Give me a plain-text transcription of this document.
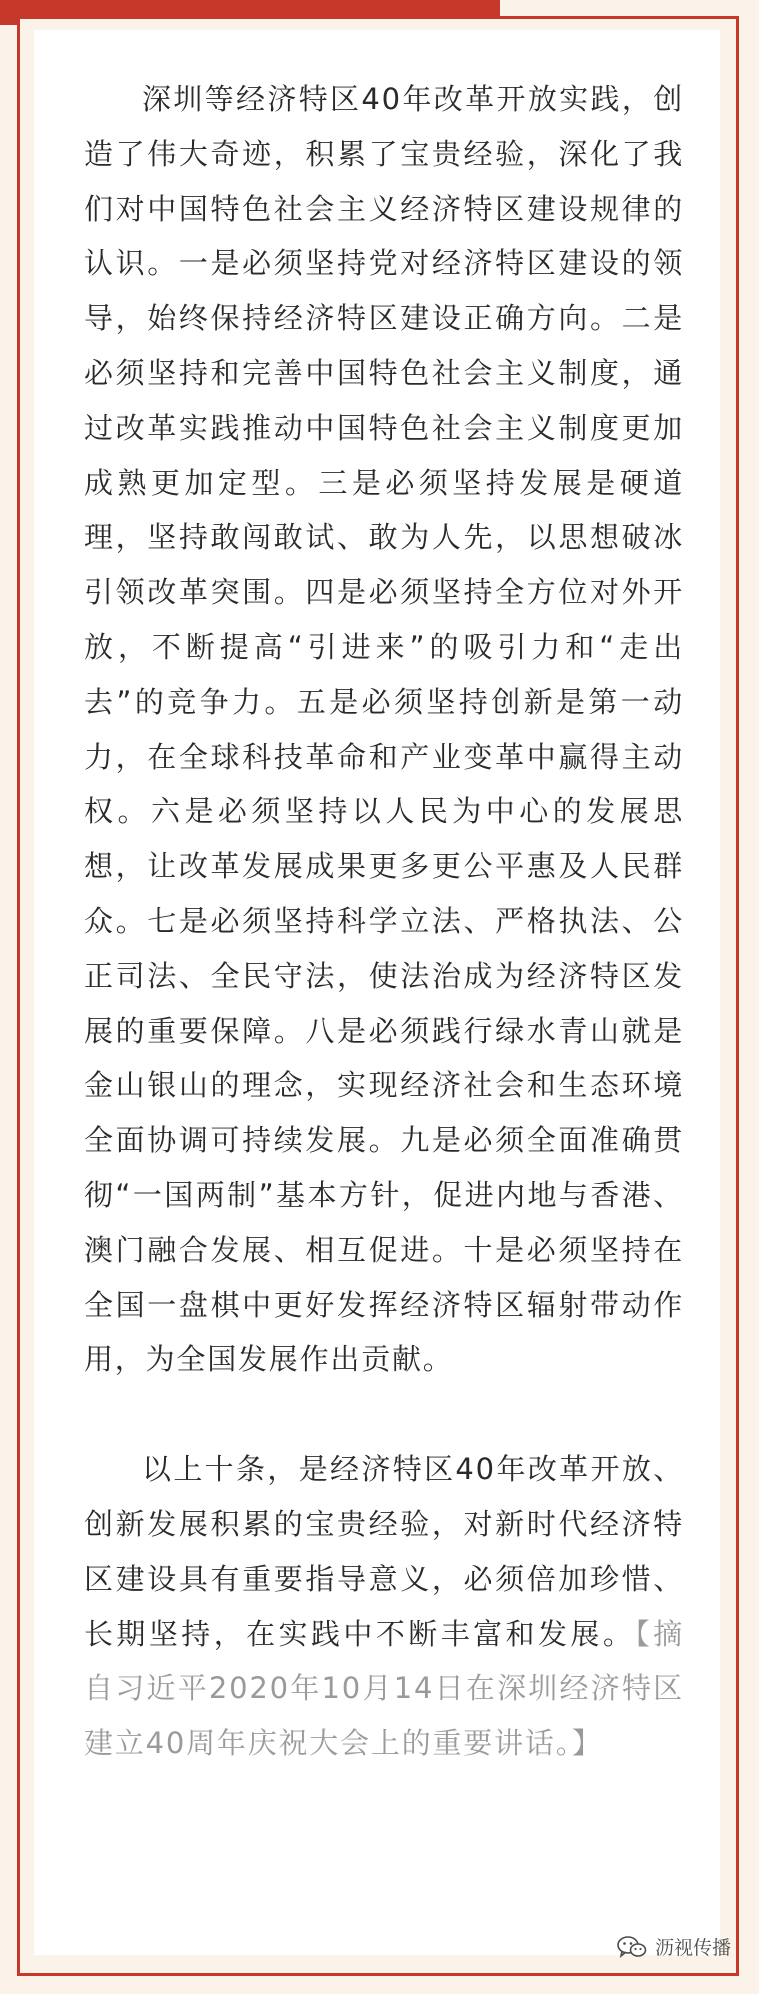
深圳等经济特区40年改革开放实践，创造了伟大奇迹，积累了宝贵经验，深化了我们对中国特色社会主义经济特区建设规律的认识。一是必须坚持党对经济特区建设的领导，始终保持经济特区建设正确方向。二是必须坚持和完善中国特色社会主义制度，通过改革实践推动中国特色社会主义制度更加成熟更加定型。三是必须坚持发展是硬道理，坚持敢闯敢试、敢为人先，以思想破冰引领改革突围。四是必须坚持全方位对外开放，不断提高“引进来”的吸引力和“走出去”的竞争力。五是必须坚持创新是第一动力，在全球科技革命和产业变革中赢得主动权。六是必须坚持以人民为中心的发展思想，让改革发展成果更多更公平惠及人民群众。七是必须坚持科学立法、严格执法、公正司法、全民守法，使法治成为经济特区发展的重要保障。八是必须践行绿水青山就是金山银山的理念，实现经济社会和生态环境全面协调可持续发展。九是必须全面准确贯彻“一国两制”基本方针，促进内地与香港、澳门融合发展、相互促进。十是必须坚持在全国一盘棋中更好发挥经济特区辐射带动作用，为全国发展作出贡献。

以上十条，是经济特区40年改革开放、创新发展积累的宝贵经验，对新时代经济特区建设具有重要指导意义，必须倍加珍惜、长期坚持，在实践中不断丰富和发展。【摘自习近平2020年10月14日在深圳经济特区建立40周年庆祝大会上的重要讲话。】

沥视传播
